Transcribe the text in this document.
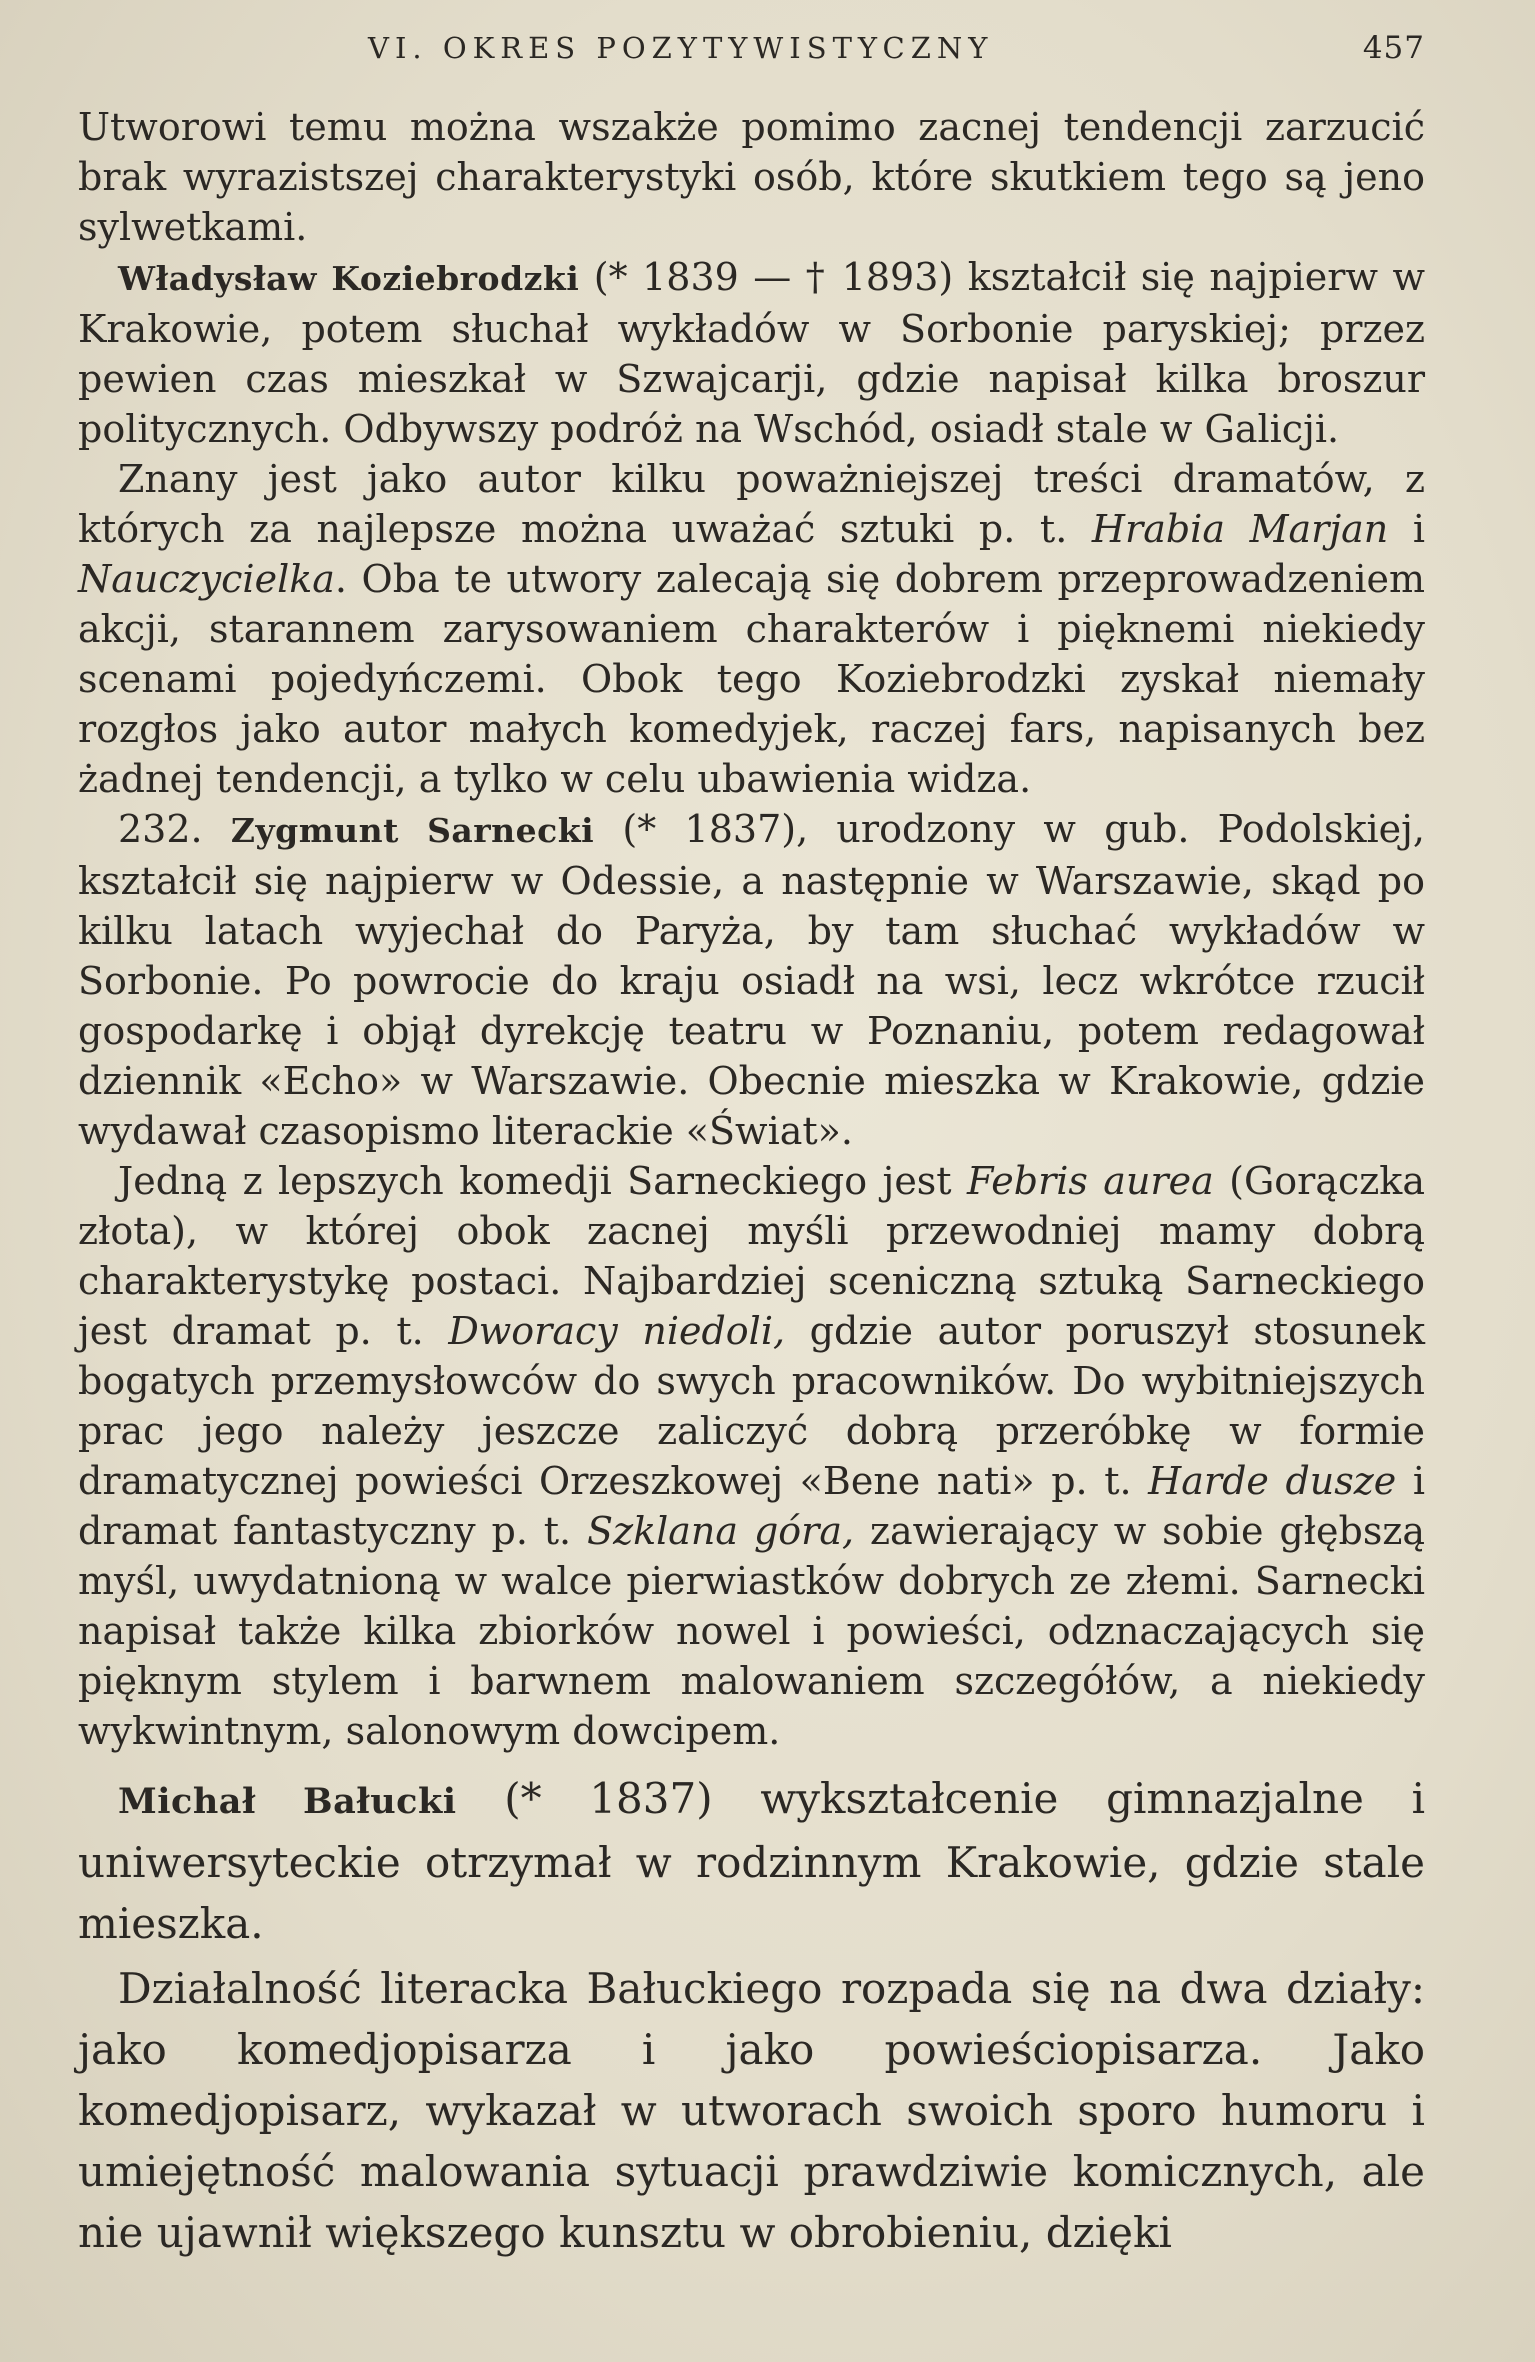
VI. OKRES POZYTYWISTYCZNY	457

Utworowi temu można wszakże pomimo zacnej tendencji zarzucić brak wyrazistszej charakterystyki osób, które skutkiem tego są jeno sylwetkami.

Władysław Koziebrodzki (* 1839 — † 1893) kształcił się najpierw w Krakowie, potem słuchał wykładów w Sorbonie paryskiej; przez pewien czas mieszkał w Szwajcarji, gdzie napisał kilka broszur politycznych. Odbywszy podróż na Wschód, osiadł stale w Galicji.

Znany jest jako autor kilku poważniejszej treści dramatów, z których za najlepsze można uważać sztuki p. t. Hrabia Marjan i Nauczycielka. Oba te utwory zalecają się dobrem przeprowadzeniem akcji, starannem zarysowaniem charakterów i pięknemi niekiedy scenami pojedyńczemi. Obok tego Koziebrodzki zyskał niemały rozgłos jako autor małych komedyjek, raczej fars, napisanych bez żadnej tendencji, a tylko w celu ubawienia widza.

232. Zygmunt Sarnecki (* 1837), urodzony w gub. Podolskiej, kształcił się najpierw w Odessie, a następnie w Warszawie, skąd po kilku latach wyjechał do Paryża, by tam słuchać wykładów w Sorbonie. Po powrocie do kraju osiadł na wsi, lecz wkrótce rzucił gospodarkę i objął dyrekcję teatru w Poznaniu, potem redagował dziennik «Echo» w Warszawie. Obecnie mieszka w Krakowie, gdzie wydawał czasopismo literackie «Świat».

Jedną z lepszych komedji Sarneckiego jest Febris aurea (Gorączka złota), w której obok zacnej myśli przewodniej mamy dobrą charakterystykę postaci. Najbardziej sceniczną sztuką Sarneckiego jest dramat p. t. Dworacy niedoli, gdzie autor poruszył stosunek bogatych przemysłowców do swych pracowników. Do wybitniejszych prac jego należy jeszcze zaliczyć dobrą przeróbkę w formie dramatycznej powieści Orzeszkowej «Bene nati» p. t. Harde dusze i dramat fantastyczny p. t. Szklana góra, zawierający w sobie głębszą myśl, uwydatnioną w walce pierwiastków dobrych ze złemi. Sarnecki napisał także kilka zbiorków nowel i powieści, odznaczających się pięknym stylem i barwnem malowaniem szczegółów, a niekiedy wykwintnym, salonowym dowcipem.

Michał Bałucki (* 1837) wykształcenie gimnazjalne i uniwersyteckie otrzymał w rodzinnym Krakowie, gdzie stale mieszka.

Działalność literacka Bałuckiego rozpada się na dwa działy: jako komedjopisarza i jako powieściopisarza. Jako komedjopisarz, wykazał w utworach swoich sporo humoru i umiejętność malowania sytuacji prawdziwie komicznych, ale nie ujawnił większego kunsztu w obrobieniu, dzięki
